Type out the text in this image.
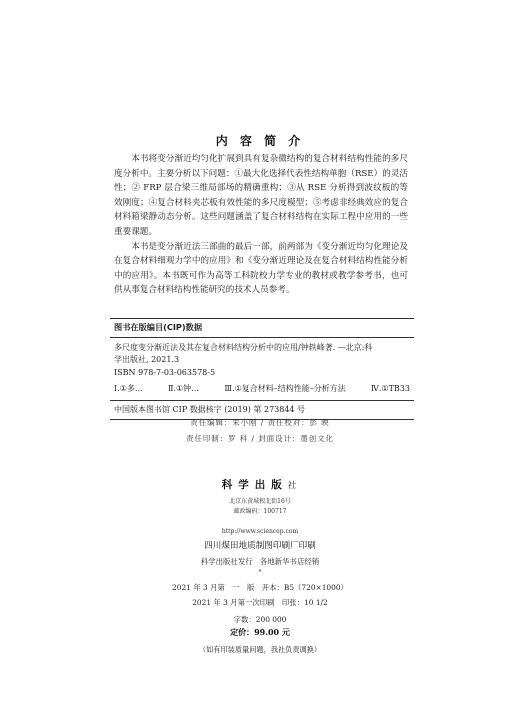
内 容 简 介

本书将变分渐近均匀化扩展到具有复杂微结构的复合材料结构性能的多尺度分析中。主要分析以下问题：①最大化选择代表性结构单胞（RSE）的灵活性；② FRP 层合梁三维局部场的精确重构；③从 RSE 分析得到波纹板的等效刚度；④复合材料夹芯板有效性能的多尺度模型；⑤考虑非经典效应的复合材料箱梁静动态分析。这些问题涵盖了复合材料结构在实际工程中应用的一些重要课题。

本书是变分渐近法三部曲的最后一部，前两部为《变分渐近均匀化理论及在复合材料细观力学中的应用》和《变分渐近理论及在复合材料结构性能分析中的应用》。本书既可作为高等工科院校力学专业的教材或教学参考书，也可供从事复合材料结构性能研究的技术人员参考。

图书在版编目(CIP)数据
多尺度变分渐近法及其在复合材料结构分析中的应用/钟轶峰著. —北京:科
学出版社, 2021.3
ISBN 978-7-03-063578-5
Ⅰ.①多…	Ⅱ.①钟…	Ⅲ.①复合材料–结构性能–分析方法	Ⅳ.①TB33
中国版本图书馆 CIP 数据核字 (2019) 第 273844 号
责任编辑：朱小刚 / 责任校对：彭 映
责任印制：罗 科 / 封面设计：墨创文化
科学出版社
北京东黄城根北街16号
邮政编码：100717
http://www.sciencep.com
四川煤田地质制图印刷厂印刷
科学出版社发行　各地新华书店经销
*
2021 年 3 月第　一　版　开本：B5（720×1000）
2021 年 3 月第一次印刷　印张：10 1/2
字数：200 000
定价：99.00 元
（如有印装质量问题，我社负责调换）
